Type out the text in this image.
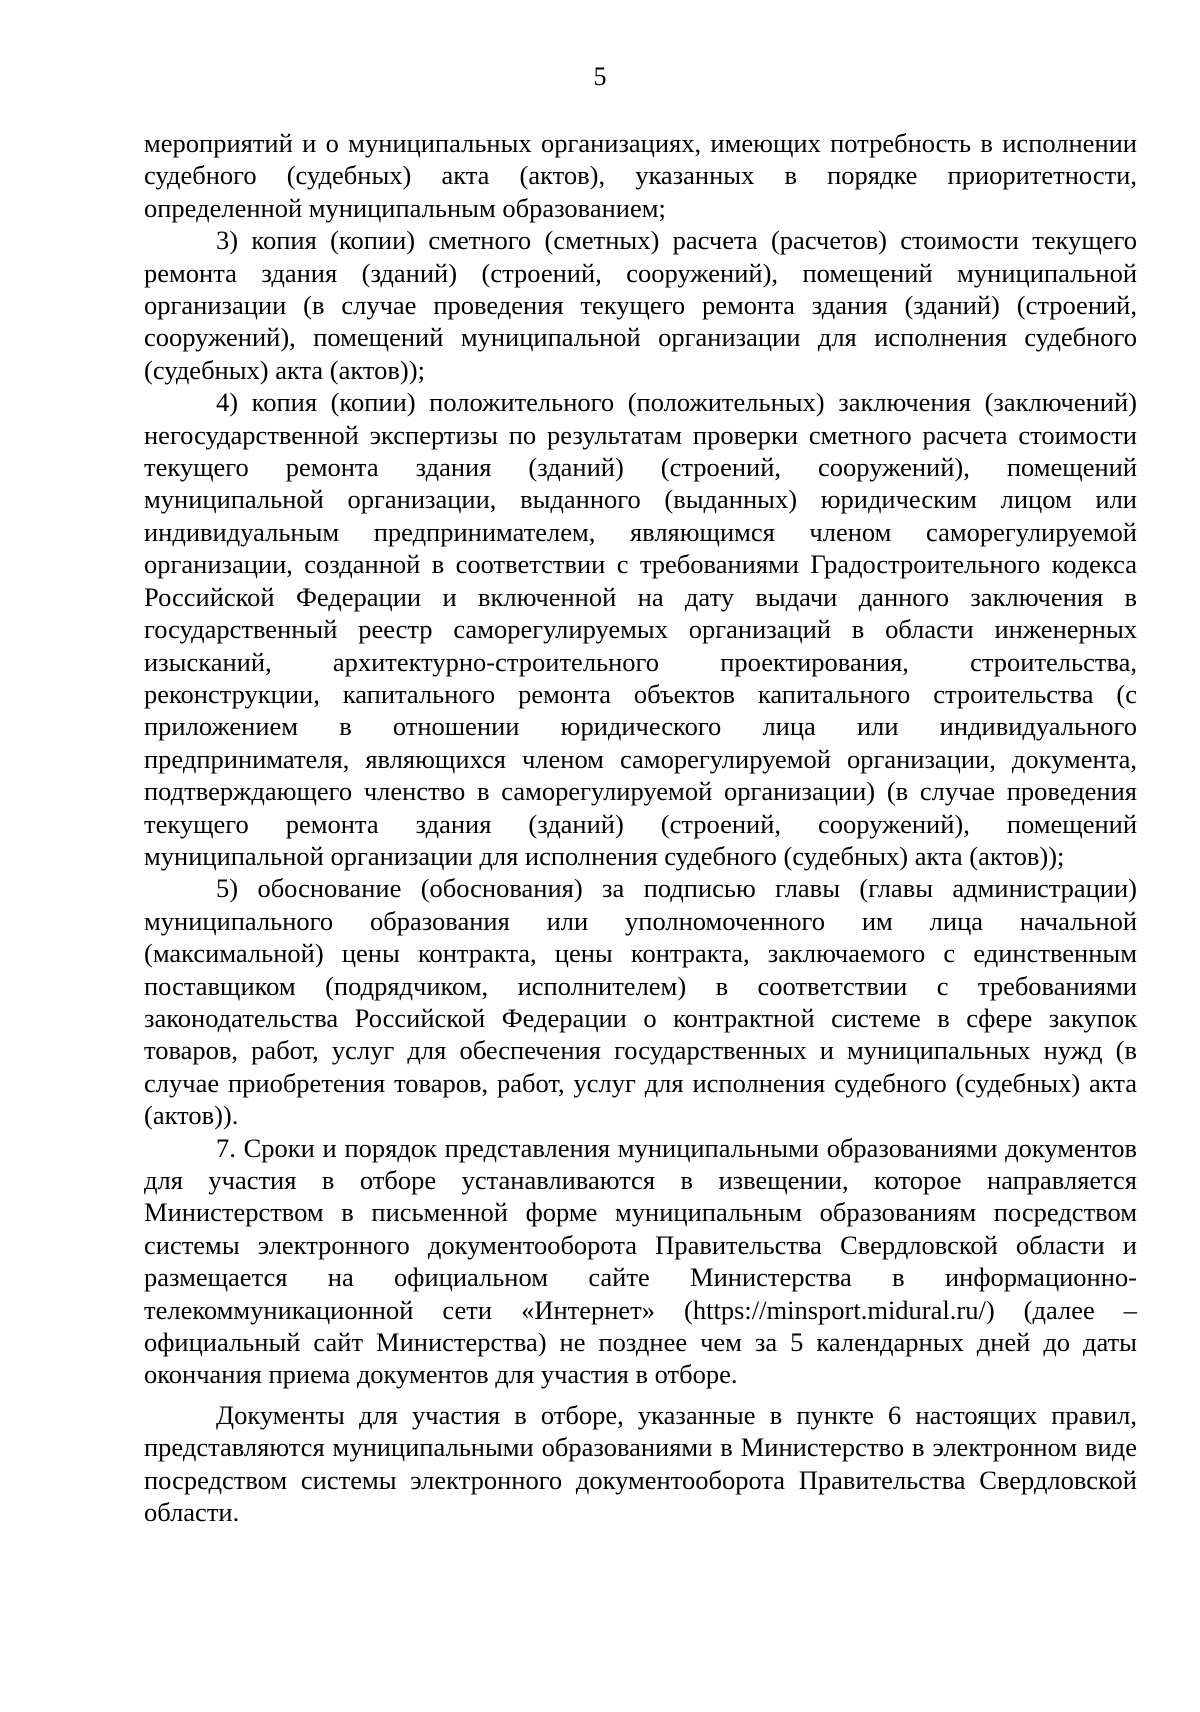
5

мероприятий и о муниципальных организациях, имеющих потребность в исполнении судебного (судебных) акта (актов), указанных в порядке приоритетности, определенной муниципальным образованием;

3) копия (копии) сметного (сметных) расчета (расчетов) стоимости текущего ремонта здания (зданий) (строений, сооружений), помещений муниципальной организации (в случае проведения текущего ремонта здания (зданий) (строений, сооружений), помещений муниципальной организации для исполнения судебного (судебных) акта (актов));

4) копия (копии) положительного (положительных) заключения (заключений) негосударственной экспертизы по результатам проверки сметного расчета стоимости текущего ремонта здания (зданий) (строений, сооружений), помещений муниципальной организации, выданного (выданных) юридическим лицом или индивидуальным предпринимателем, являющимся членом саморегулируемой организации, созданной в соответствии с требованиями Градостроительного кодекса Российской Федерации и включенной на дату выдачи данного заключения в государственный реестр саморегулируемых организаций в области инженерных изысканий, архитектурно-строительного проектирования, строительства, реконструкции, капитального ремонта объектов капитального строительства (с приложением в отношении юридического лица или индивидуального предпринимателя, являющихся членом саморегулируемой организации, документа, подтверждающего членство в саморегулируемой организации) (в случае проведения текущего ремонта здания (зданий) (строений, сооружений), помещений муниципальной организации для исполнения судебного (судебных) акта (актов));

5) обоснование (обоснования) за подписью главы (главы администрации) муниципального образования или уполномоченного им лица начальной (максимальной) цены контракта, цены контракта, заключаемого с единственным поставщиком (подрядчиком, исполнителем) в соответствии с требованиями законодательства Российской Федерации о контрактной системе в сфере закупок товаров, работ, услуг для обеспечения государственных и муниципальных нужд (в случае приобретения товаров, работ, услуг для исполнения судебного (судебных) акта (актов)).

7. Сроки и порядок представления муниципальными образованиями документов для участия в отборе устанавливаются в извещении, которое направляется Министерством в письменной форме муниципальным образованиям посредством системы электронного документооборота Правительства Свердловской области и размещается на официальном сайте Министерства в информационно-телекоммуникационной сети «Интернет» (https://minsport.midural.ru/) (далее – официальный сайт Министерства) не позднее чем за 5 календарных дней до даты окончания приема документов для участия в отборе.

Документы для участия в отборе, указанные в пункте 6 настоящих правил, представляются муниципальными образованиями в Министерство в электронном виде посредством системы электронного документооборота Правительства Свердловской области.
